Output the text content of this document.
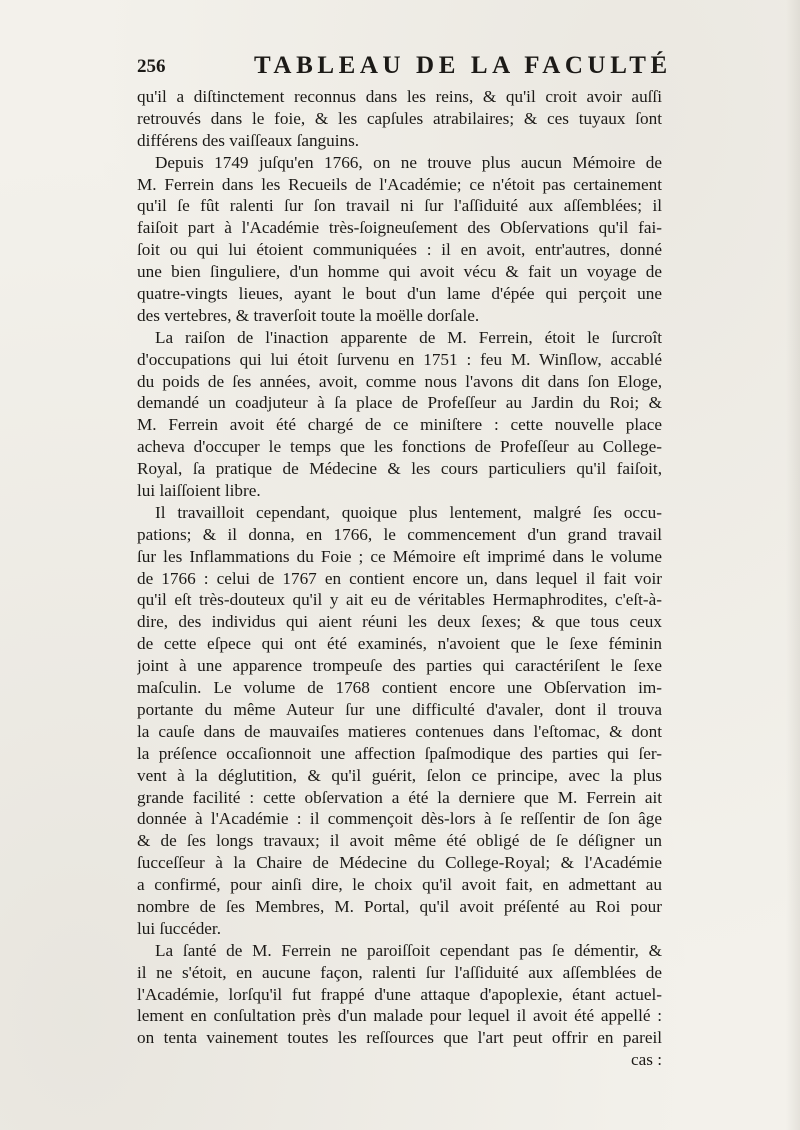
256	TABLEAU DE LA FACULTÉ
qu'il a diſtinctement reconnus dans les reins, & qu'il croit avoir auſſi
retrouvés dans le foie, & les capſules atrabilaires; & ces tuyaux ſont
différens des vaiſſeaux ſanguins.
Depuis 1749 juſqu'en 1766, on ne trouve plus aucun Mémoire de
M. Ferrein dans les Recueils de l'Académie; ce n'étoit pas certainement
qu'il ſe fût ralenti ſur ſon travail ni ſur l'aſſiduité aux aſſemblées; il
faiſoit part à l'Académie très-ſoigneuſement des Obſervations qu'il fai-
ſoit ou qui lui étoient communiquées : il en avoit, entr'autres, donné
une bien ſinguliere, d'un homme qui avoit vécu & fait un voyage de
quatre-vingts lieues, ayant le bout d'un lame d'épée qui perçoit une
des vertebres, & traverſoit toute la moëlle dorſale.
La raiſon de l'inaction apparente de M. Ferrein, étoit le ſurcroît
d'occupations qui lui étoit ſurvenu en 1751 : feu M. Winſlow, accablé
du poids de ſes années, avoit, comme nous l'avons dit dans ſon Eloge,
demandé un coadjuteur à ſa place de Profeſſeur au Jardin du Roi; &
M. Ferrein avoit été chargé de ce miniſtere : cette nouvelle place
acheva d'occuper le temps que les fonctions de Profeſſeur au College-
Royal, ſa pratique de Médecine & les cours particuliers qu'il faiſoit,
lui laiſſoient libre.
Il travailloit cependant, quoique plus lentement, malgré ſes occu-
pations; & il donna, en 1766, le commencement d'un grand travail
ſur les Inflammations du Foie ; ce Mémoire eſt imprimé dans le volume
de 1766 : celui de 1767 en contient encore un, dans lequel il fait voir
qu'il eſt très-douteux qu'il y ait eu de véritables Hermaphrodites, c'eſt-à-
dire, des individus qui aient réuni les deux ſexes; & que tous ceux
de cette eſpece qui ont été examinés, n'avoient que le ſexe féminin
joint à une apparence trompeuſe des parties qui caractériſent le ſexe
maſculin. Le volume de 1768 contient encore une Obſervation im-
portante du même Auteur ſur une difficulté d'avaler, dont il trouva
la cauſe dans de mauvaiſes matieres contenues dans l'eſtomac, & dont
la préſence occaſionnoit une affection ſpaſmodique des parties qui ſer-
vent à la déglutition, & qu'il guérit, ſelon ce principe, avec la plus
grande facilité : cette obſervation a été la derniere que M. Ferrein ait
donnée à l'Académie : il commençoit dès-lors à ſe reſſentir de ſon âge
& de ſes longs travaux; il avoit même été obligé de ſe déſigner un
ſucceſſeur à la Chaire de Médecine du College-Royal; & l'Académie
a confirmé, pour ainſi dire, le choix qu'il avoit fait, en admettant au
nombre de ſes Membres, M. Portal, qu'il avoit préſenté au Roi pour
lui ſuccéder.
La ſanté de M. Ferrein ne paroiſſoit cependant pas ſe démentir, &
il ne s'étoit, en aucune façon, ralenti ſur l'aſſiduité aux aſſemblées de
l'Académie, lorſqu'il fut frappé d'une attaque d'apoplexie, étant actuel-
lement en conſultation près d'un malade pour lequel il avoit été appellé :
on tenta vainement toutes les reſſources que l'art peut offrir en pareil
cas :
